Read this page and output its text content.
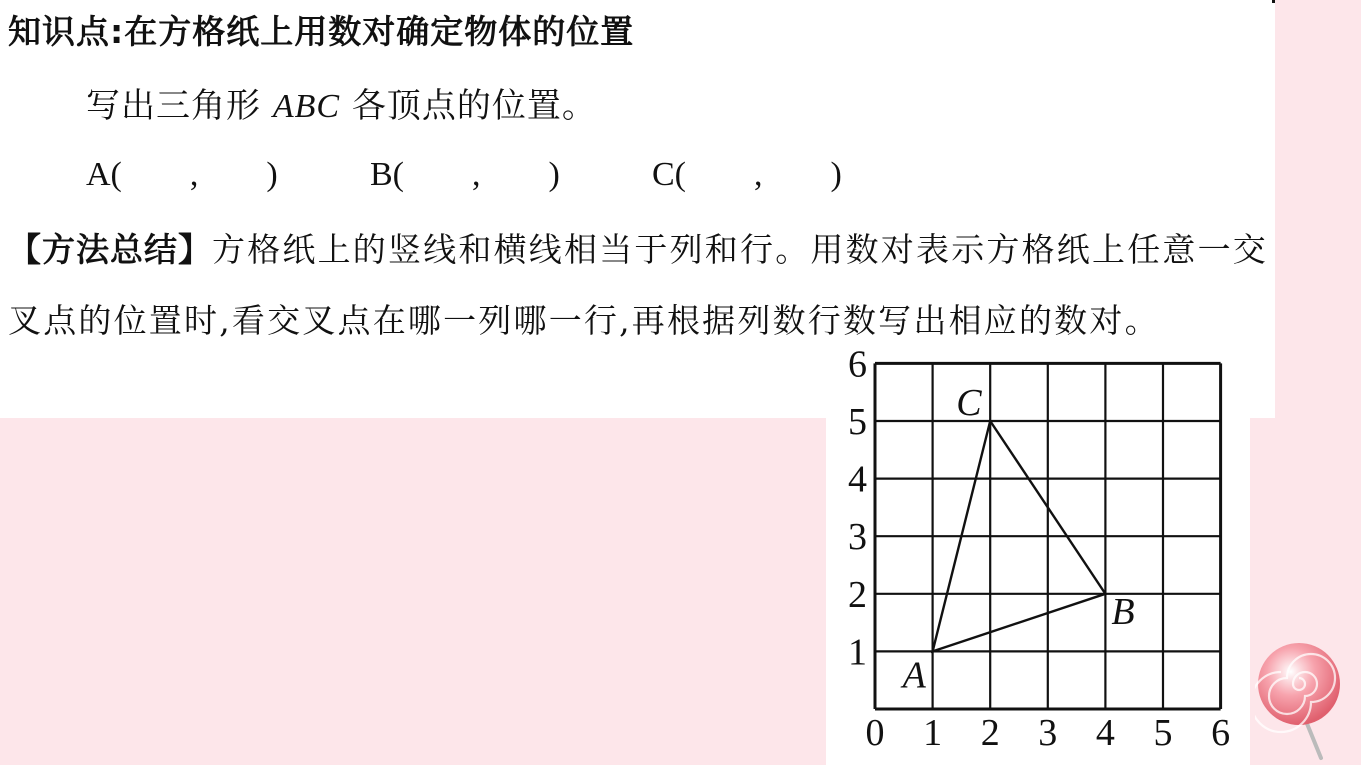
知识点:在方格纸上用数对确定物体的位置
写出三角形 ABC 各顶点的位置。
A(　　,　　)	B(　　,　　)	C(　　,　　)
【方法总结】方格纸上的竖线和横线相当于列和行。用数对表示方格纸上任意一交叉点的位置时,看交叉点在哪一列哪一行,再根据列数行数写出相应的数对。
0 1 2 3 4 5 6
1
2
3
4
5
6
A
B
C
